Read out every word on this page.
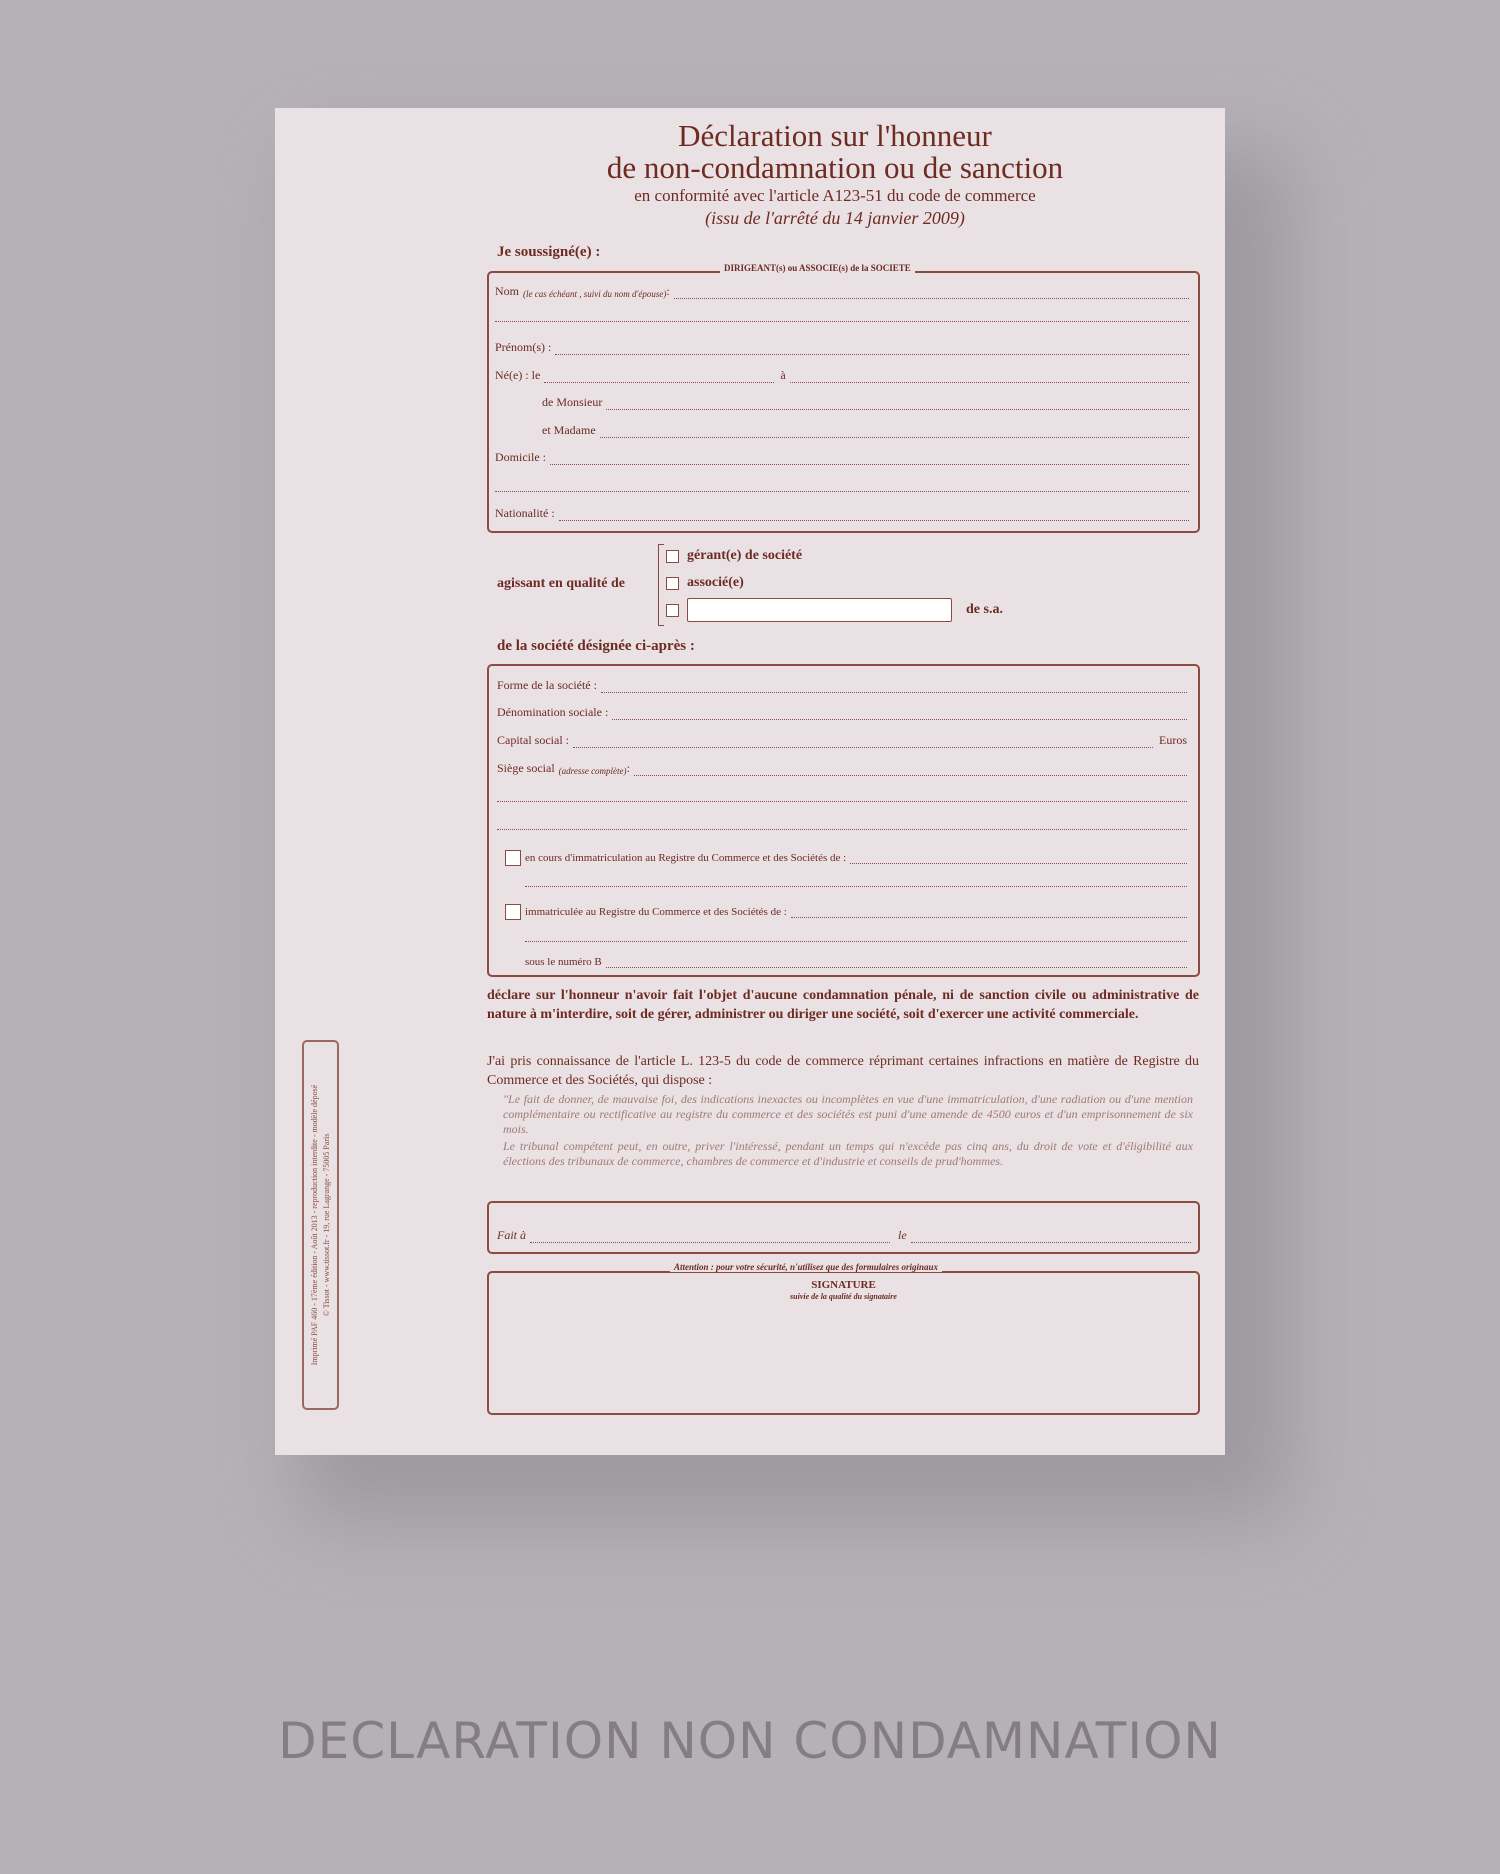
Déclaration sur l'honneur
de non-condamnation ou de sanction
en conformité avec l'article A123-51 du code de commerce
(issu de l'arrêté du 14 janvier 2009)
Je soussigné(e) :
DIRIGEANT(s) ou ASSOCIE(s) de la SOCIETE
Nom (le cas échéant , suivi du nom d'épouse) :
Prénom(s) :
Né(e) : le	à
de Monsieur
et Madame
Domicile :
Nationalité :
agissant en qualité de
gérant(e) de société
associé(e)
de s.a.
de la société désignée ci-après :
Forme de la société :
Dénomination sociale :
Capital social :	Euros
Siège social (adresse complète) :
en cours d'immatriculation au Registre du Commerce et des Sociétés de :
immatriculée au Registre du Commerce et des Sociétés de :
sous le numéro B
déclare sur l'honneur n'avoir fait l'objet d'aucune condamnation pénale, ni de sanction civile ou administrative de nature à m'interdire, soit de gérer, administrer ou diriger une société, soit d'exercer une activité commerciale.
J'ai pris connaissance de l'article L. 123-5 du code de commerce réprimant certaines infractions en matière de Registre du Commerce et des Sociétés, qui dispose :
"Le fait de donner, de mauvaise foi, des indications inexactes ou incomplètes en vue d'une immatriculation, d'une radiation ou d'une mention complémentaire ou rectificative au registre du commerce et des sociétés est puni d'une amende de 4500 euros et d'un emprisonnement de six mois.
Le tribunal compétent peut, en outre, priver l'intéressé, pendant un temps qui n'excède pas cinq ans, du droit de vote et d'éligibilité aux élections des tribunaux de commerce, chambres de commerce et d'industrie et conseils de prud'hommes.
Fait à	le
Attention : pour votre sécurité, n'utilisez que des formulaires originaux
SIGNATURE
suivie de la qualité du signataire
Imprimé PAF 460 - 17ème édition - Août 2013 - reproduction interdite - modèle déposé © Tissot - www.tissot.fr - 19, rue Lagrange - 75005 Paris
DECLARATION NON CONDAMNATION
